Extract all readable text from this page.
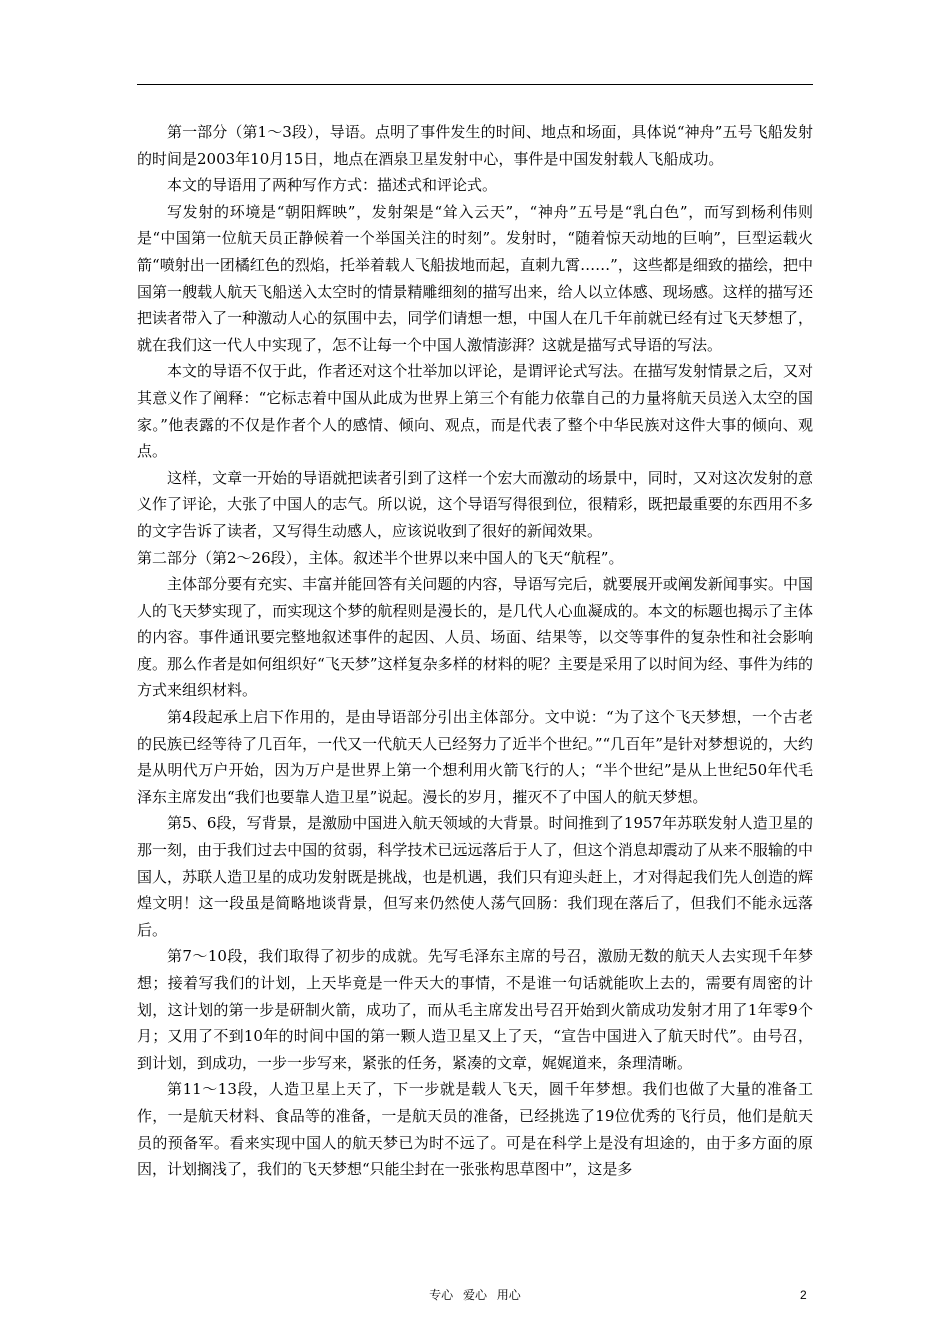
第一部分（第1～3段），导语。点明了事件发生的时间、地点和场面，具体说“神舟”五号飞船发射的时间是2003年10月15日，地点在酒泉卫星发射中心，事件是中国发射载人飞船成功。

本文的导语用了两种写作方式：描述式和评论式。

写发射的环境是“朝阳辉映”，发射架是“耸入云天”，“神舟”五号是“乳白色”，而写到杨利伟则是“中国第一位航天员正静候着一个举国关注的时刻”。发射时，“随着惊天动地的巨响”，巨型运载火箭“喷射出一团橘红色的烈焰，托举着载人飞船拔地而起，直刺九霄……”，这些都是细致的描绘，把中国第一艘载人航天飞船送入太空时的情景精雕细刻的描写出来，给人以立体感、现场感。这样的描写还把读者带入了一种激动人心的氛围中去，同学们请想一想，中国人在几千年前就已经有过飞天梦想了，就在我们这一代人中实现了，怎不让每一个中国人激情澎湃？这就是描写式导语的写法。

本文的导语不仅于此，作者还对这个壮举加以评论，是谓评论式写法。在描写发射情景之后，又对其意义作了阐释：“它标志着中国从此成为世界上第三个有能力依靠自己的力量将航天员送入太空的国家。”他表露的不仅是作者个人的感情、倾向、观点，而是代表了整个中华民族对这件大事的倾向、观点。

这样，文章一开始的导语就把读者引到了这样一个宏大而激动的场景中，同时，又对这次发射的意义作了评论，大张了中国人的志气。所以说，这个导语写得很到位，很精彩，既把最重要的东西用不多的文字告诉了读者，又写得生动感人，应该说收到了很好的新闻效果。

第二部分（第2～26段），主体。叙述半个世界以来中国人的飞天“航程”。

主体部分要有充实、丰富并能回答有关问题的内容，导语写完后，就要展开或阐发新闻事实。中国人的飞天梦实现了，而实现这个梦的航程则是漫长的，是几代人心血凝成的。本文的标题也揭示了主体的内容。事件通讯要完整地叙述事件的起因、人员、场面、结果等，以交等事件的复杂性和社会影响度。那么作者是如何组织好“飞天梦”这样复杂多样的材料的呢？主要是采用了以时间为经、事件为纬的方式来组织材料。

第4段起承上启下作用的，是由导语部分引出主体部分。文中说：“为了这个飞天梦想，一个古老的民族已经等待了几百年，一代又一代航天人已经努力了近半个世纪。”“几百年”是针对梦想说的，大约是从明代万户开始，因为万户是世界上第一个想利用火箭飞行的人；“半个世纪”是从上世纪50年代毛泽东主席发出“我们也要靠人造卫星”说起。漫长的岁月，摧灭不了中国人的航天梦想。

第5、6段，写背景，是激励中国进入航天领域的大背景。时间推到了1957年苏联发射人造卫星的那一刻，由于我们过去中国的贫弱，科学技术已远远落后于人了，但这个消息却震动了从来不服输的中国人，苏联人造卫星的成功发射既是挑战，也是机遇，我们只有迎头赶上，才对得起我们先人创造的辉煌文明！这一段虽是简略地谈背景，但写来仍然使人荡气回肠：我们现在落后了，但我们不能永远落后。

第7～10段，我们取得了初步的成就。先写毛泽东主席的号召，激励无数的航天人去实现千年梦想；接着写我们的计划，上天毕竟是一件天大的事情，不是谁一句话就能吹上去的，需要有周密的计划，这计划的第一步是研制火箭，成功了，而从毛主席发出号召开始到火箭成功发射才用了1年零9个月；又用了不到10年的时间中国的第一颗人造卫星又上了天，“宣告中国进入了航天时代”。由号召，到计划，到成功，一步一步写来，紧张的任务，紧凑的文章，娓娓道来，条理清晰。

第11～13段，人造卫星上天了，下一步就是载人飞天，圆千年梦想。我们也做了大量的准备工作，一是航天材料、食品等的准备，一是航天员的准备，已经挑选了19位优秀的飞行员，他们是航天员的预备军。看来实现中国人的航天梦已为时不远了。可是在科学上是没有坦途的，由于多方面的原因，计划搁浅了，我们的飞天梦想“只能尘封在一张张构思草图中”，这是多

专心 爱心 用心	2
